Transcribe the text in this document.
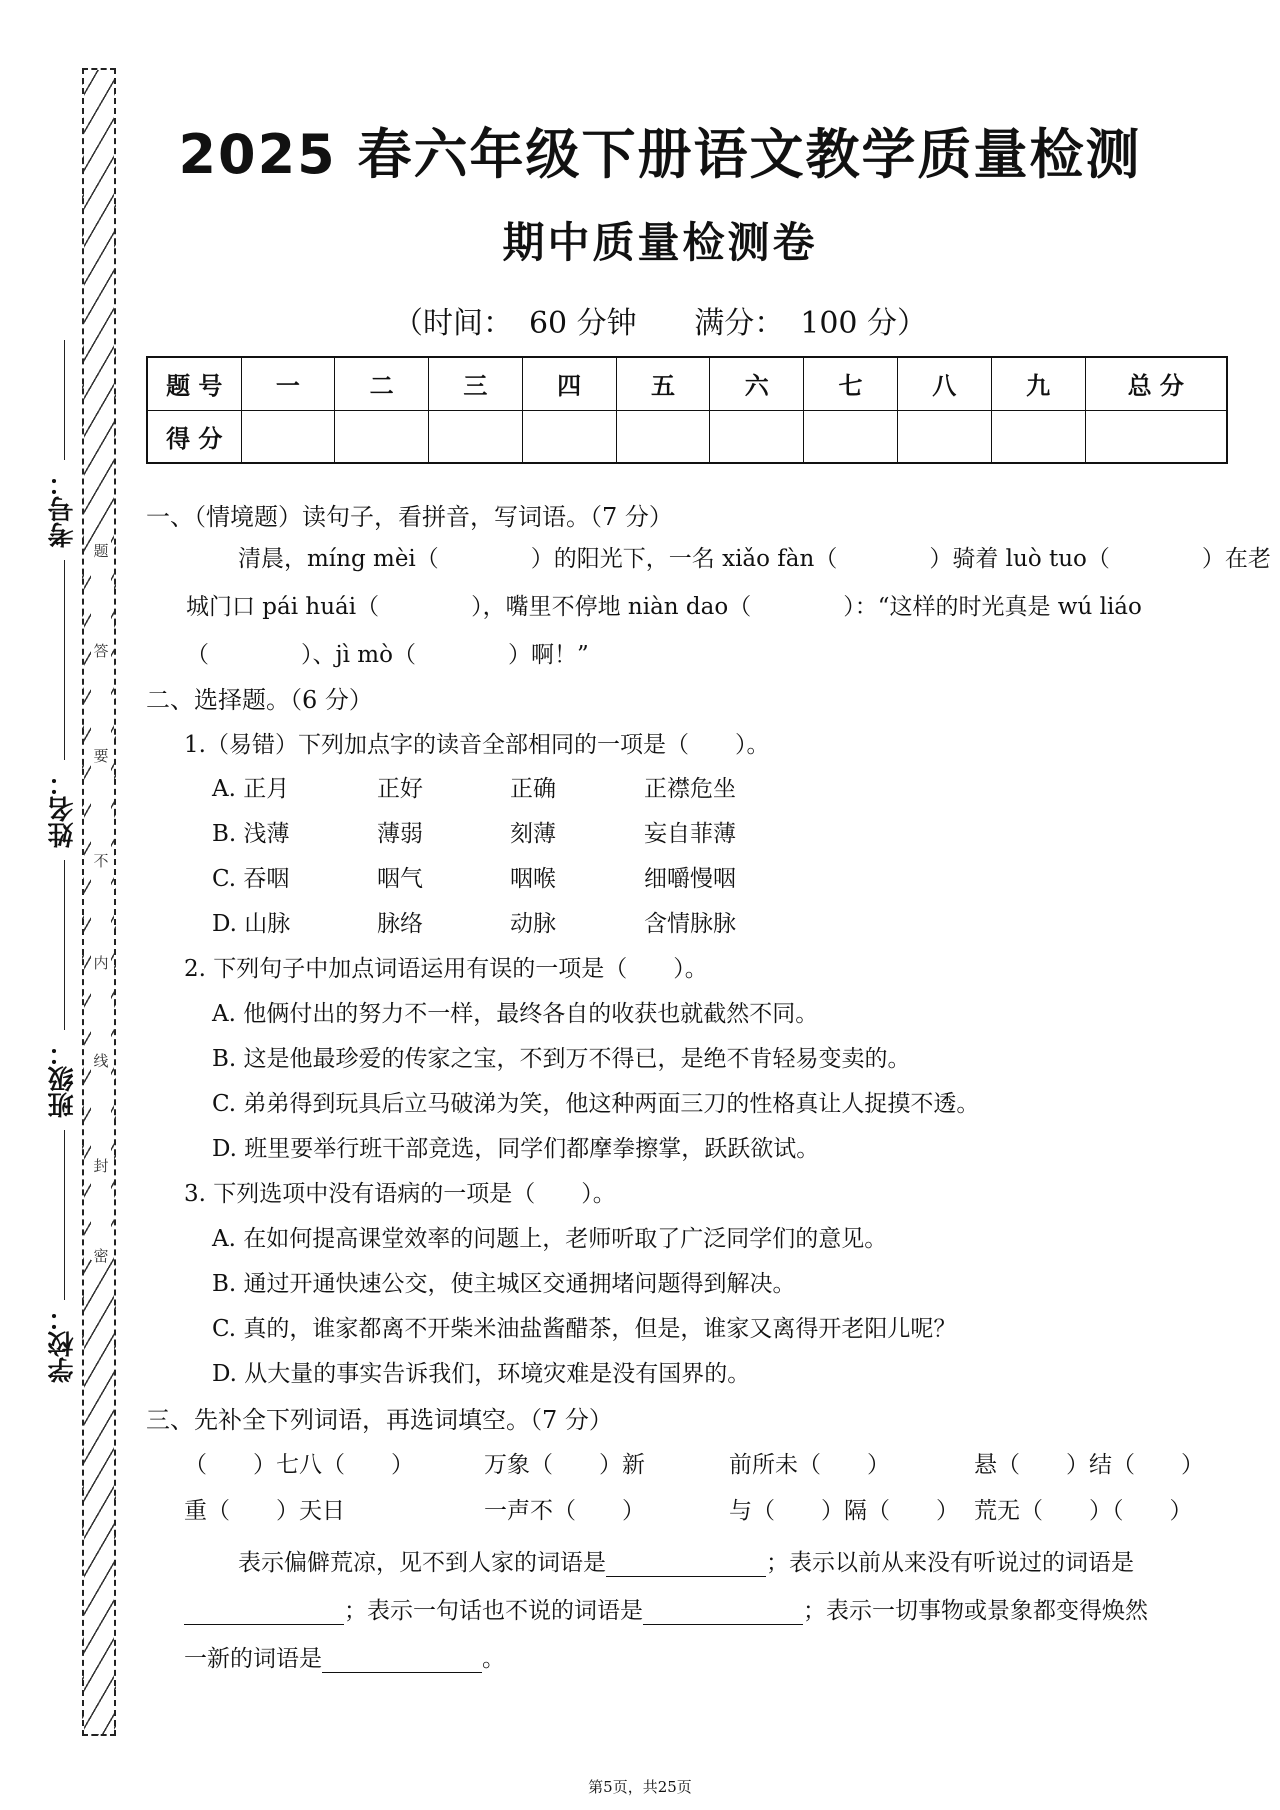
题
答
要
不
内
线
封
密
考号：
姓名：
班级：
学校：
2025 春六年级下册语文教学质量检测
期中质量检测卷
（时间： 60 分钟 满分： 100 分）
题 号	一	二	三	四	五	六	七	八	九	总 分
得 分										
一、（情境题）读句子，看拼音，写词语。（7 分）
清晨，míng mèi（　　　　）的阳光下，一名 xiǎo fàn（　　　　）骑着 luò tuo（　　　　）在老
城门口 pái huái（　　　　），嘴里不停地 niàn dao（　　　　）：“这样的时光真是 wú liáo
（　　　　）、jì mò（　　　　）啊！”
二、选择题。（6 分）
1.（易错）下列加点字的读音全部相同的一项是（　　）。
A. 正月	正好	正确	正襟危坐
B. 浅薄	薄弱	刻薄	妄自菲薄
C. 吞咽	咽气	咽喉	细嚼慢咽
D. 山脉	脉络	动脉	含情脉脉
2. 下列句子中加点词语运用有误的一项是（　　）。
A. 他俩付出的努力不一样，最终各自的收获也就截然不同。
B. 这是他最珍爱的传家之宝，不到万不得已，是绝不肯轻易变卖的。
C. 弟弟得到玩具后立马破涕为笑，他这种两面三刀的性格真让人捉摸不透。
D. 班里要举行班干部竞选，同学们都摩拳擦掌，跃跃欲试。
3. 下列选项中没有语病的一项是（　　）。
A. 在如何提高课堂效率的问题上，老师听取了广泛同学们的意见。
B. 通过开通快速公交，使主城区交通拥堵问题得到解决。
C. 真的，谁家都离不开柴米油盐酱醋茶，但是，谁家又离得开老阳儿呢？
D. 从大量的事实告诉我们，环境灾难是没有国界的。
三、先补全下列词语，再选词填空。（7 分）
（　　）七八（　　）	万象（　　）新	前所未（　　）	悬（　　）结（　　）
重（　　）天日	一声不（　　）	与（　　）隔（　　） 荒无（　　）（　　）
表示偏僻荒凉，见不到人家的词语是	；表示以前从来没有听说过的词语是
；表示一句话也不说的词语是	；表示一切事物或景象都变得焕然
一新的词语是	。
第5页，共25页
